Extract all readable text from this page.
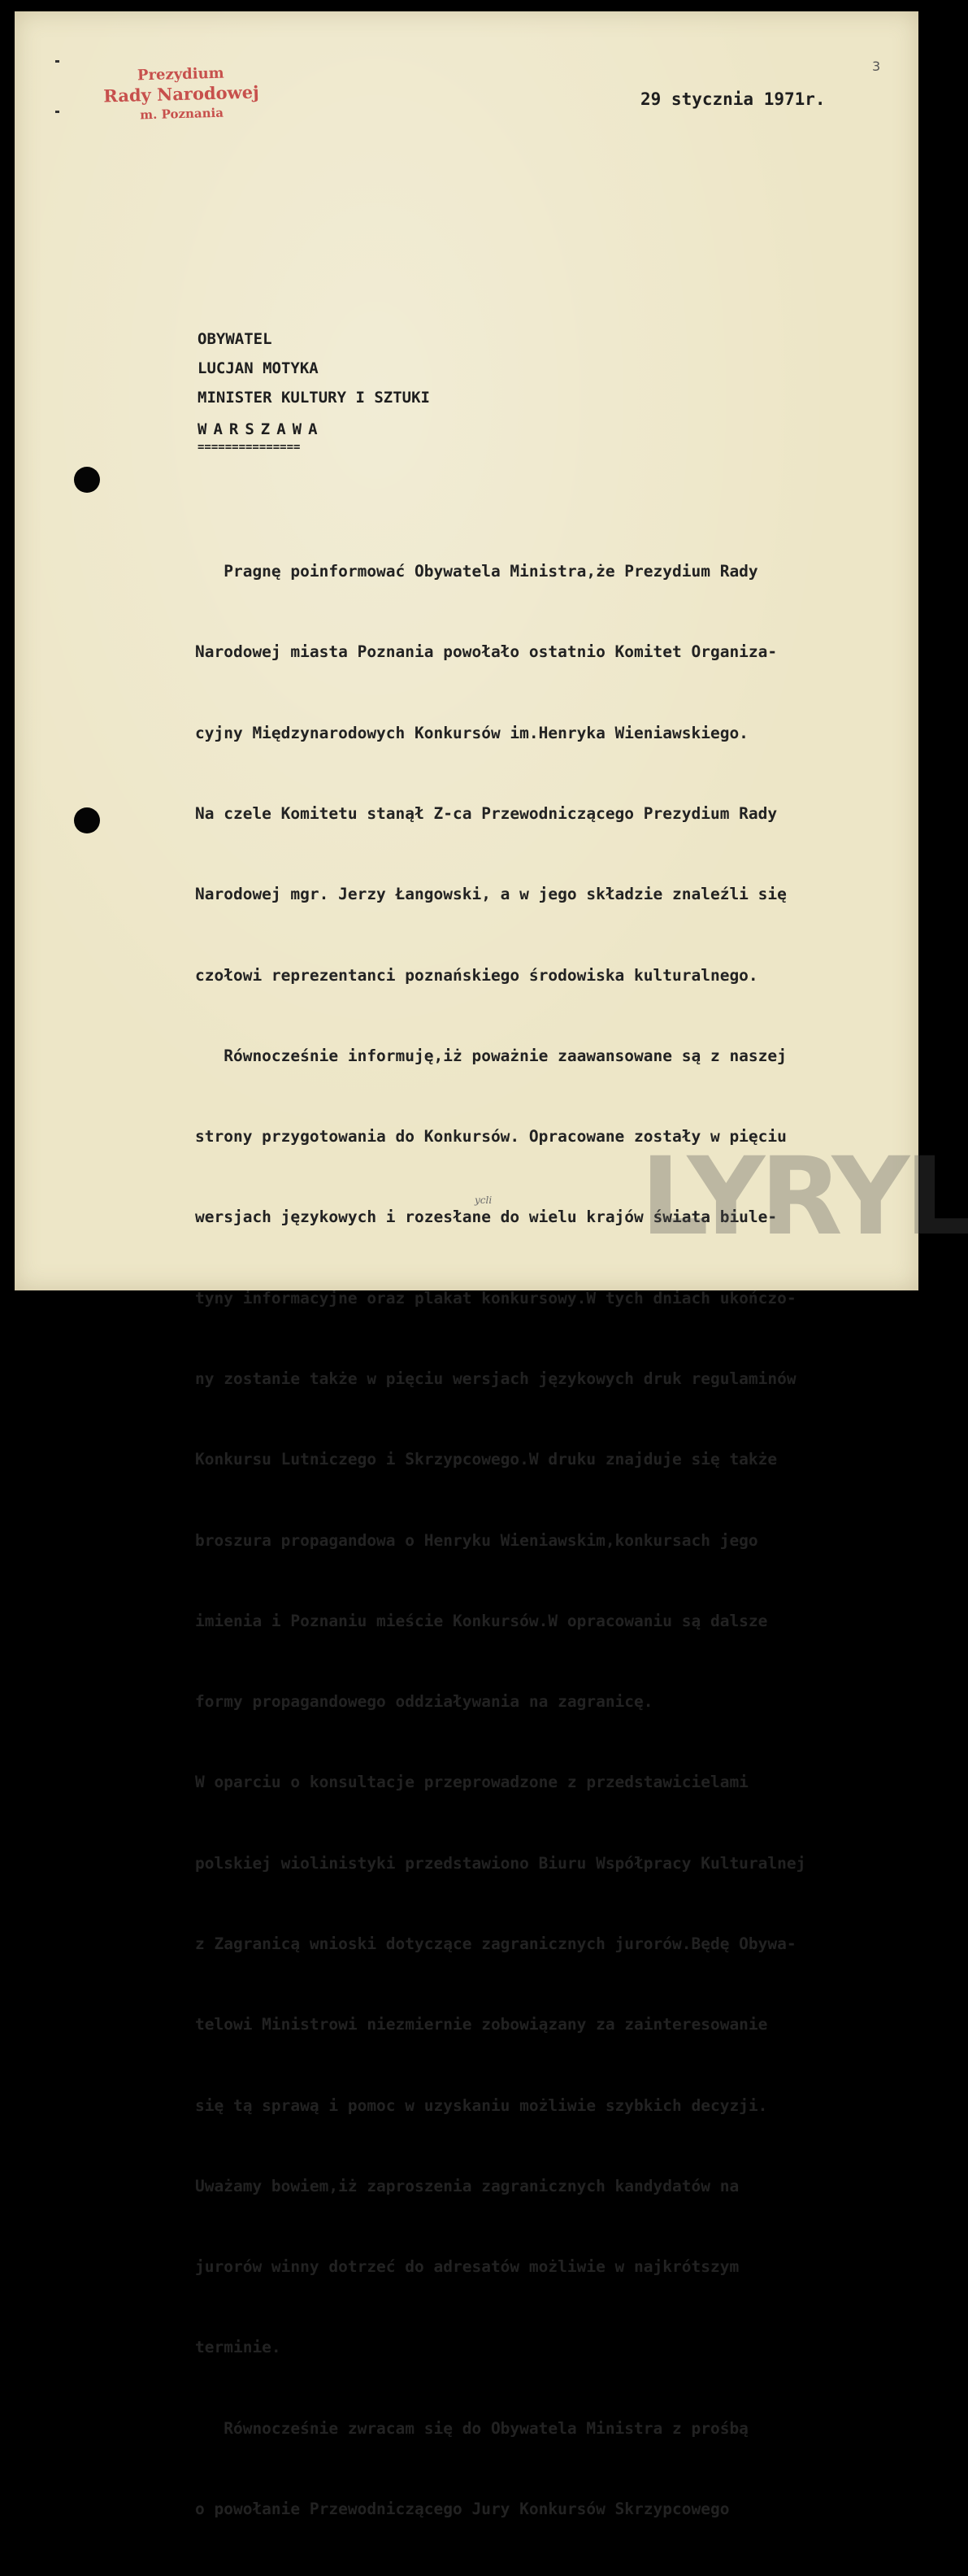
Prezydium
Rady Narodowej
m. Poznania
3
29 stycznia 1971r.
OBYWATEL
LUCJAN MOTYKA
MINISTER KULTURY I SZTUKI
WARSZAWA
===============

Pragnę poinformować Obywatela Ministra,że Prezydium Rady

Narodowej miasta Poznania powołało ostatnio Komitet Organiza-

cyjny Międzynarodowych Konkursów im.Henryka Wieniawskiego.

Na czele Komitetu stanął Z-ca Przewodniczącego Prezydium Rady

Narodowej mgr. Jerzy Łangowski, a w jego składzie znaleźli się

czołowi reprezentanci poznańskiego środowiska kulturalnego.

Równocześnie informuję,iż poważnie zaawansowane są z naszej

strony przygotowania do Konkursów. Opracowane zostały w pięciu

wersjach językowych i rozesłane do wielu krajów świata biule-

tyny informacyjne oraz plakat konkursowy.W tych dniach ukończo-

ny zostanie także w pięciu wersjach językowych druk regulaminów

Konkursu Lutniczego i Skrzypcowego.W druku znajduje się także

broszura propagandowa o Henryku Wieniawskim,konkursach jego

imienia i Poznaniu mieście Konkursów.W opracowaniu są dalsze

formy propagandowego oddziaływania na zagranicę.

W oparciu o konsultacje przeprowadzone z przedstawicielami

polskiej wiolinistyki przedstawiono Biuru Współpracy Kulturalnej

z Zagranicą wnioski dotyczące zagranicznych jurorów.Będę Obywa-

telowi Ministrowi niezmiernie zobowiązany za zainteresowanie

się tą sprawą i pomoc w uzyskaniu możliwie szybkich decyzji.

Uważamy bowiem,iż zaproszenia zagranicznych kandydatów na

jurorów winny dotrzeć do adresatów możliwie w najkrótszym

terminie.

Równocześnie zwracam się do Obywatela Ministra z prośbą

o powołanie Przewodniczącego Jury Konkursów Skrzypcowego

ycli LYRYL
